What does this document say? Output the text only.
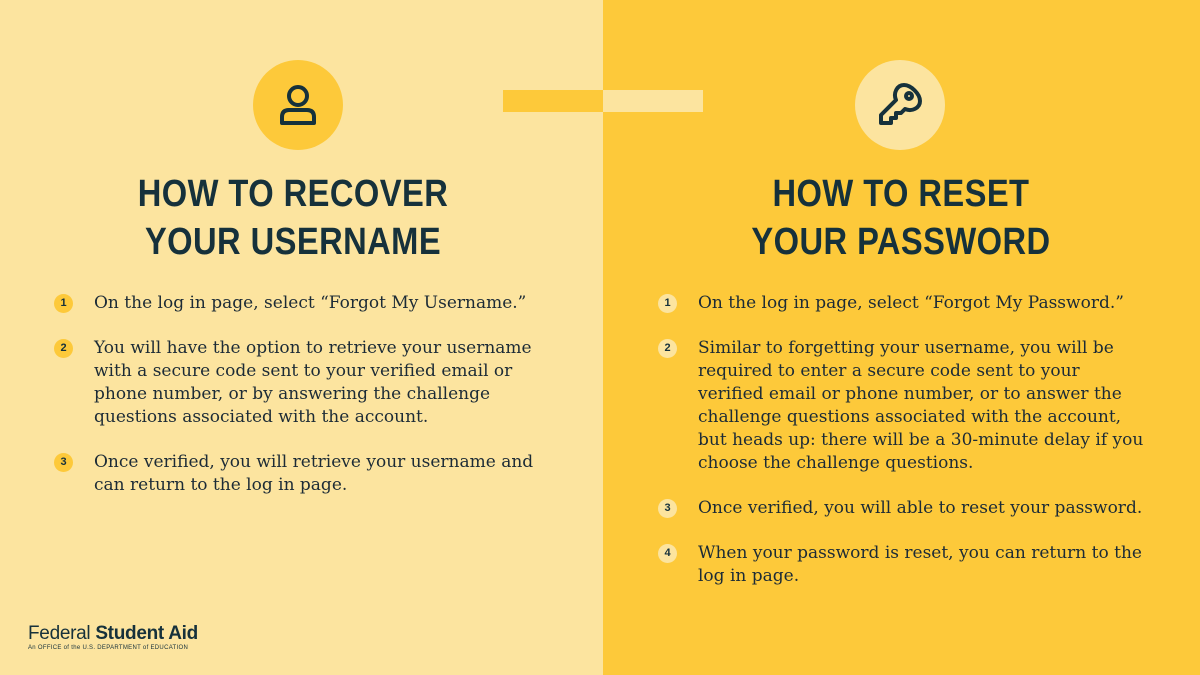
HOW TO RECOVER
YOUR USERNAME
HOW TO RESET
YOUR PASSWORD
1	On the log in page, select “Forgot My Username.”
2	You will have the option to retrieve your username
with a secure code sent to your verified email or
phone number, or by answering the challenge
questions associated with the account.
3	Once verified, you will retrieve your username and
can return to the log in page.
1	On the log in page, select “Forgot My Password.”
2	Similar to forgetting your username, you will be
required to enter a secure code sent to your
verified email or phone number, or to answer the
challenge questions associated with the account,
but heads up: there will be a 30-minute delay if you
choose the challenge questions.
3	Once verified, you will able to reset your password.
4	When your password is reset, you can return to the
log in page.
Federal Student Aid
An OFFICE of the U.S. DEPARTMENT of EDUCATION
